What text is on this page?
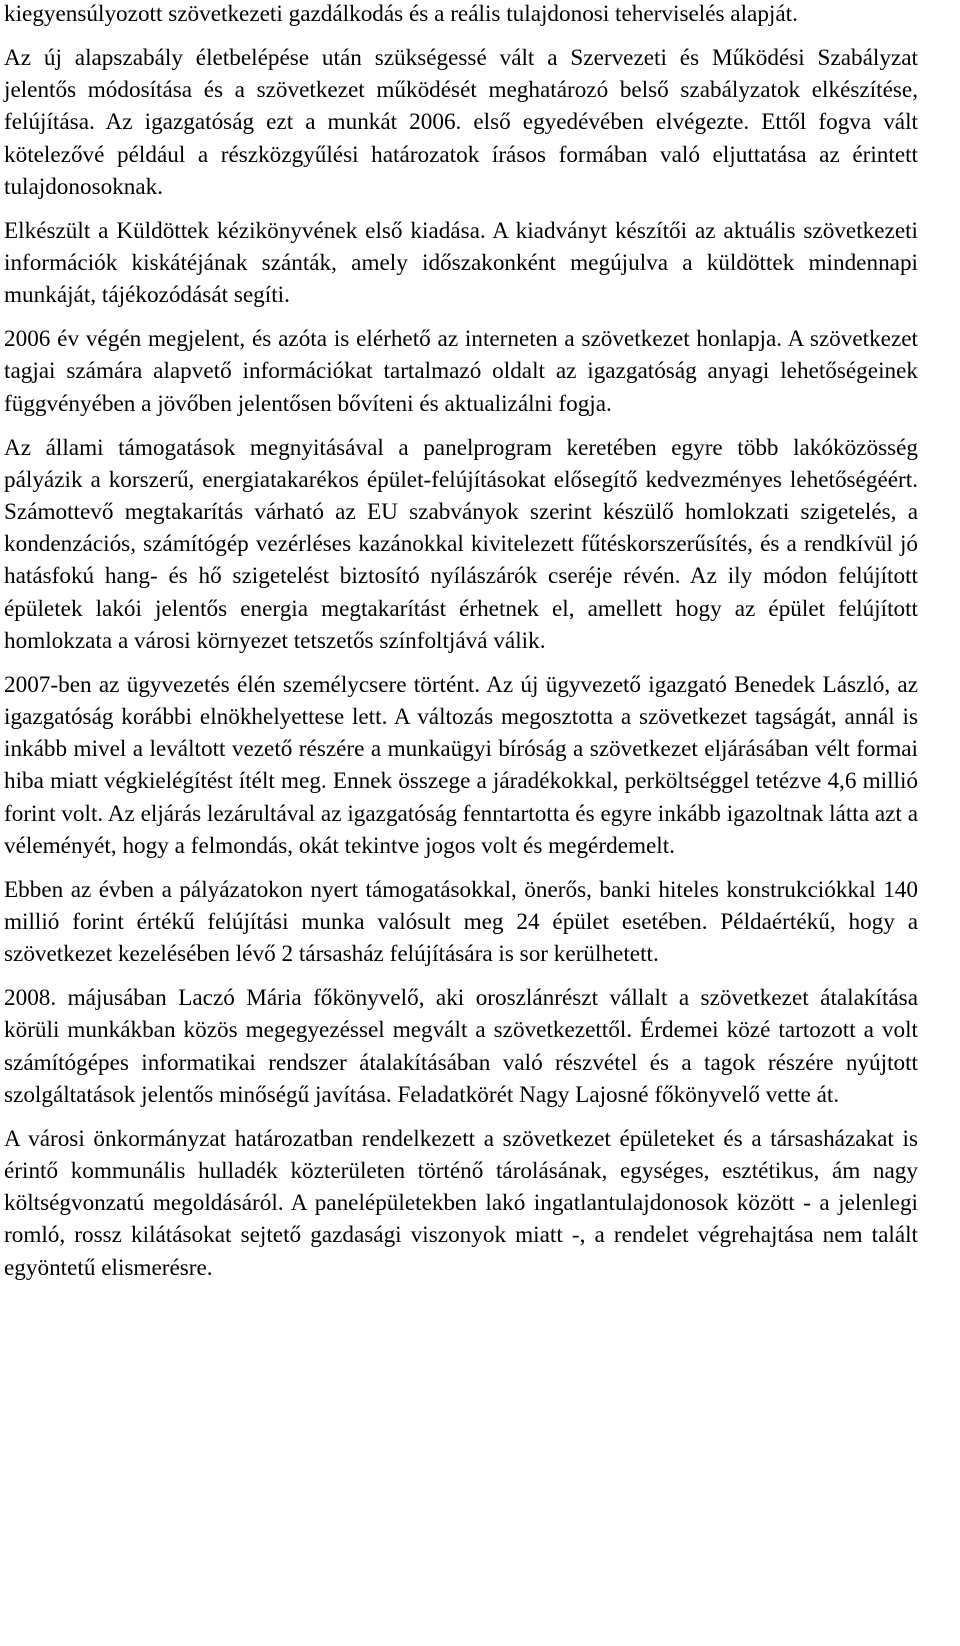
kiegyensúlyozott szövetkezeti gazdálkodás és a reális tulajdonosi teherviselés alapját.

Az új alapszabály életbelépése után szükségessé vált a Szervezeti és Működési Szabályzat jelentős módosítása és a szövetkezet működését meghatározó belső szabályzatok elkészítése, felújítása. Az igazgatóság ezt a munkát 2006. első egyedévében elvégezte. Ettől fogva vált kötelezővé például a részközgyűlési határozatok írásos formában való eljuttatása az érintett tulajdonosoknak.

Elkészült a Küldöttek kézikönyvének első kiadása. A kiadványt készítői az aktuális szövetkezeti információk kiskátéjának szánták, amely időszakonként megújulva a küldöttek mindennapi munkáját, tájékozódását segíti.

2006 év végén megjelent, és azóta is elérhető az interneten a szövetkezet honlapja. A szövetkezet tagjai számára alapvető információkat tartalmazó oldalt az igazgatóság anyagi lehetőségeinek függvényében a jövőben jelentősen bővíteni és aktualizálni fogja.

Az állami támogatások megnyitásával a panelprogram keretében egyre több lakóközösség pályázik a korszerű, energiatakarékos épület-felújításokat elősegítő kedvezményes lehetőségéért. Számottevő megtakarítás várható az EU szabványok szerint készülő homlokzati szigetelés, a kondenzációs, számítógép vezérléses kazánokkal kivitelezett fűtéskorszerűsítés, és a rendkívül jó hatásfokú hang- és hő szigetelést biztosító nyílászárók cseréje révén. Az ily módon felújított épületek lakói jelentős energia megtakarítást érhetnek el, amellett hogy az épület felújított homlokzata a városi környezet tetszetős színfoltjává válik.

2007-ben az ügyvezetés élén személycsere történt. Az új ügyvezető igazgató Benedek László, az igazgatóság korábbi elnökhelyettese lett. A változás megosztotta a szövetkezet tagságát, annál is inkább mivel a leváltott vezető részére a munkaügyi bíróság a szövetkezet eljárásában vélt formai hiba miatt végkielégítést ítélt meg. Ennek összege a járadékokkal, perköltséggel tetézve 4,6 millió forint volt. Az eljárás lezárultával az igazgatóság fenntartotta és egyre inkább igazoltnak látta azt a véleményét, hogy a felmondás, okát tekintve jogos volt és megérdemelt.

Ebben az évben a pályázatokon nyert támogatásokkal, önerős, banki hiteles konstrukciókkal 140 millió forint értékű felújítási munka valósult meg 24 épület esetében. Példaértékű, hogy a szövetkezet kezelésében lévő 2 társasház felújítására is sor kerülhetett.

2008. májusában Laczó Mária főkönyvelő, aki oroszlánrészt vállalt a szövetkezet átalakítása körüli munkákban közös megegyezéssel megvált a szövetkezettől. Érdemei közé tartozott a volt számítógépes informatikai rendszer átalakításában való részvétel és a tagok részére nyújtott szolgáltatások jelentős minőségű javítása. Feladatkörét Nagy Lajosné főkönyvelő vette át.

A városi önkormányzat határozatban rendelkezett a szövetkezet épületeket és a társasházakat is érintő kommunális hulladék közterületen történő tárolásának, egységes, esztétikus, ám nagy költségvonzatú megoldásáról. A panelépületekben lakó ingatlantulajdonosok között - a jelenlegi romló, rossz kilátásokat sejtető gazdasági viszonyok miatt -, a rendelet végrehajtása nem talált egyöntetű elismerésre.
